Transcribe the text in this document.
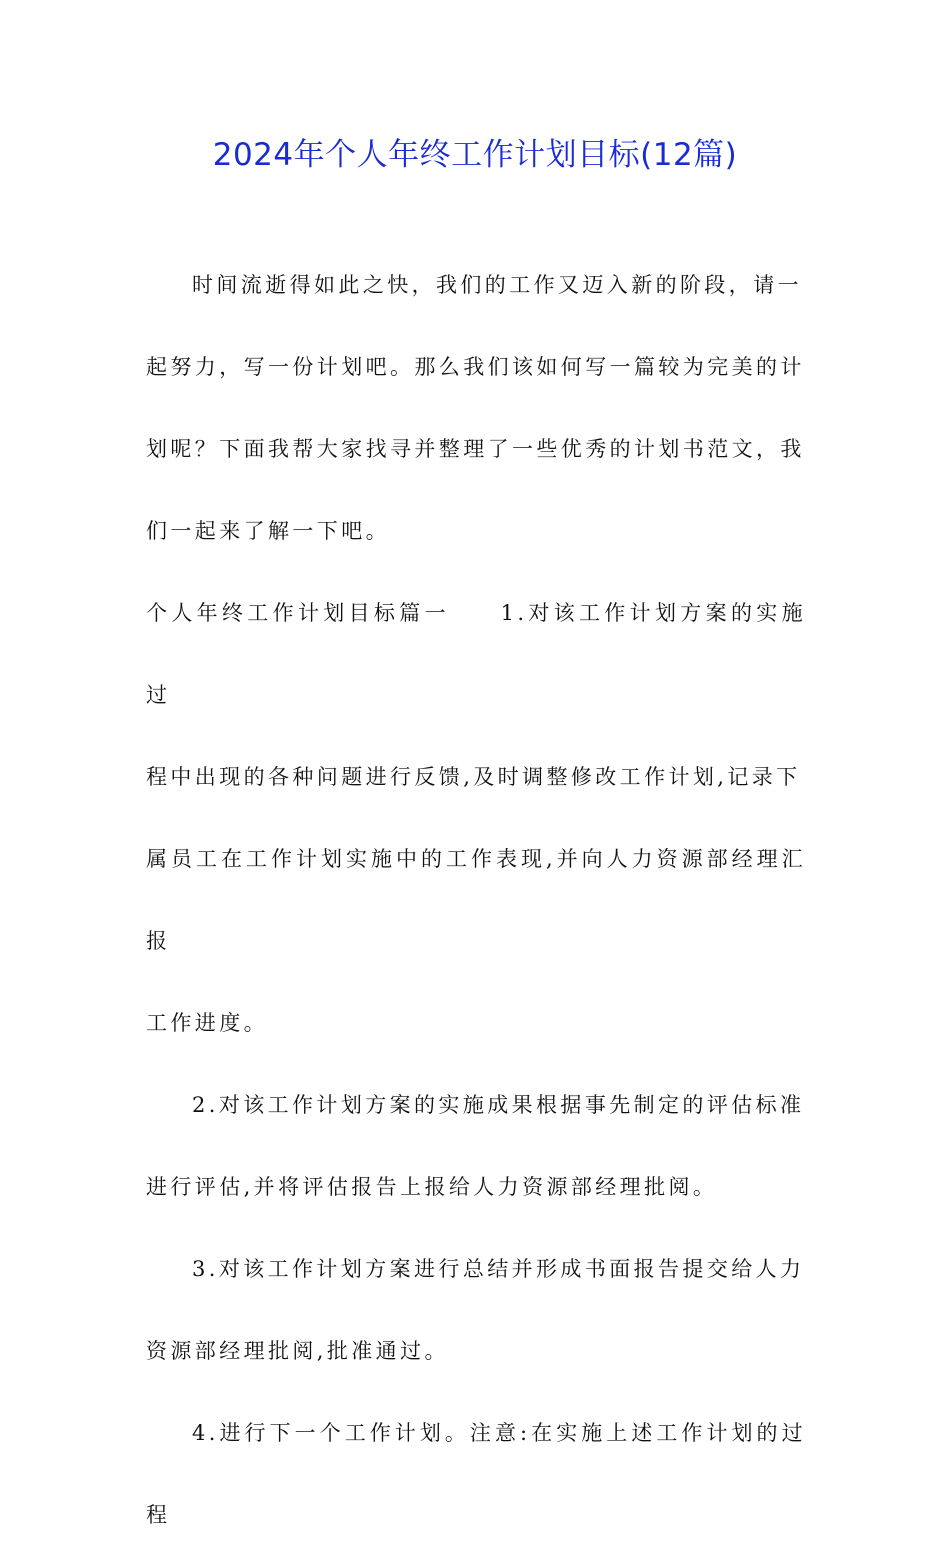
2024年个人年终工作计划目标(12篇)
时间流逝得如此之快，我们的工作又迈入新的阶段，请一
起努力，写一份计划吧。那么我们该如何写一篇较为完美的计
划呢？下面我帮大家找寻并整理了一些优秀的计划书范文，我
们一起来了解一下吧。
个人年终工作计划目标篇一　　1.对该工作计划方案的实施过
程中出现的各种问题进行反馈,及时调整修改工作计划,记录下
属员工在工作计划实施中的工作表现,并向人力资源部经理汇报
工作进度。
2.对该工作计划方案的实施成果根据事先制定的评估标准
进行评估,并将评估报告上报给人力资源部经理批阅。
3.对该工作计划方案进行总结并形成书面报告提交给人力
资源部经理批阅,批准通过。
4.进行下一个工作计划。注意:在实施上述工作计划的过程
